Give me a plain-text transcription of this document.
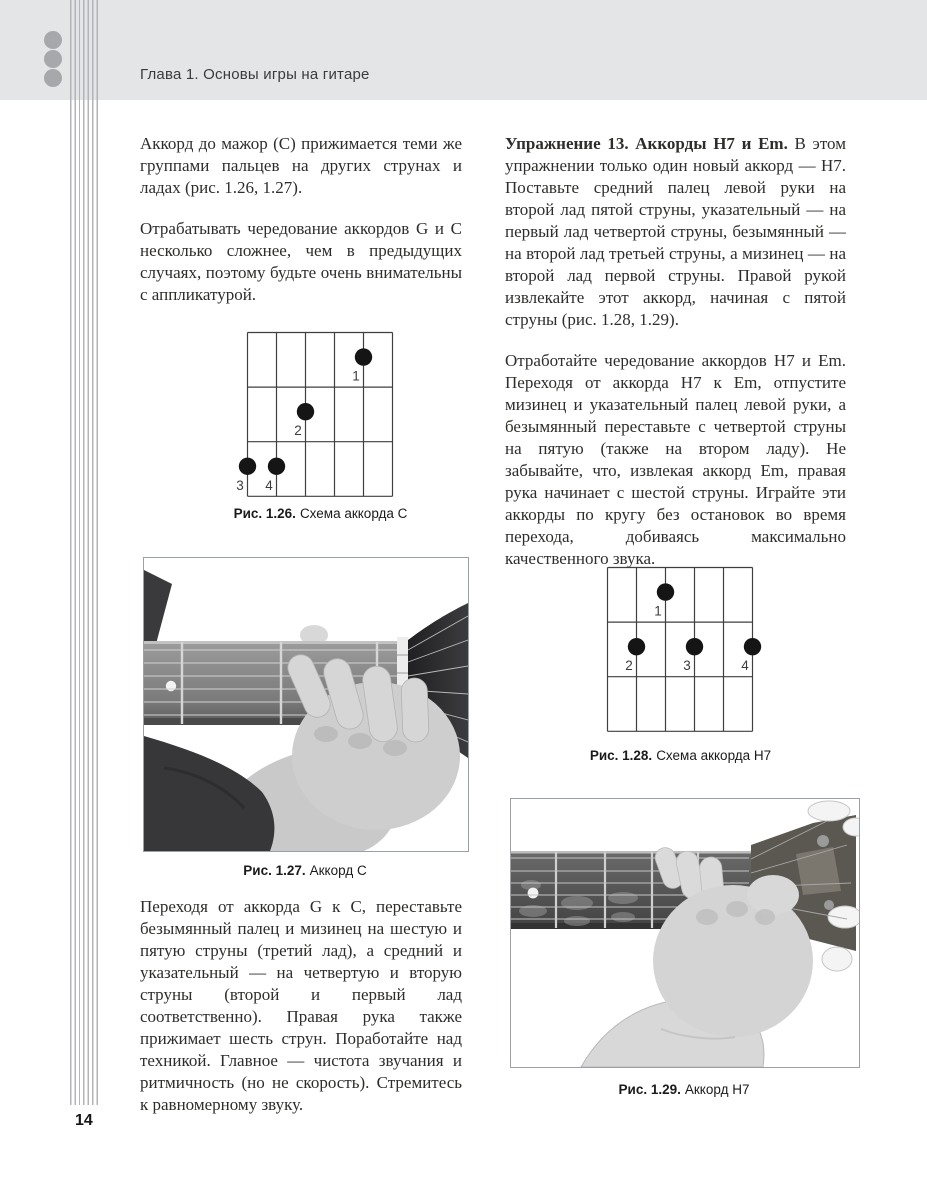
Глава 1. Основы игры на гитаре

Аккорд до мажор (C) прижимается теми же группами пальцев на других струнах и ладах (рис. 1.26, 1.27).

Отрабатывать чередование аккордов G и C несколько сложнее, чем в предыдущих случаях, поэтому будьте очень внимательны с аппликатурой.

1
2
3 4
Рис. 1.26. Схема аккорда C
Рис. 1.27. Аккорд C

Переходя от аккорда G к C, переставьте безымянный палец и мизинец на шестую и пятую струны (третий лад), а средний и указательный — на четвертую и вторую струны (второй и первый лад соответственно). Правая рука также прижимает шесть струн. Поработайте над техникой. Главное — чистота звучания и ритмичность (но не скорость). Стремитесь к равномерному звуку.

Упражнение 13. Аккорды H7 и Em. В этом упражнении только один новый аккорд — H7. Поставьте средний палец левой руки на второй лад пятой струны, указательный — на первый лад четвертой струны, безымянный — на второй лад третьей струны, а мизинец — на второй лад первой струны. Правой рукой извлекайте этот аккорд, начиная с пятой струны (рис. 1.28, 1.29).

Отработайте чередование аккордов H7 и Em. Переходя от аккорда H7 к Em, отпустите мизинец и указательный палец левой руки, а безымянный переставьте с четвертой струны на пятую (также на втором ладу). Не забывайте, что, извлекая аккорд Em, правая рука начинает с шестой струны. Играйте эти аккорды по кругу без остановок во время перехода, добиваясь максимально качественного звука.

1
2	3	4
Рис. 1.28. Схема аккорда H7
Рис. 1.29. Аккорд H7
14
